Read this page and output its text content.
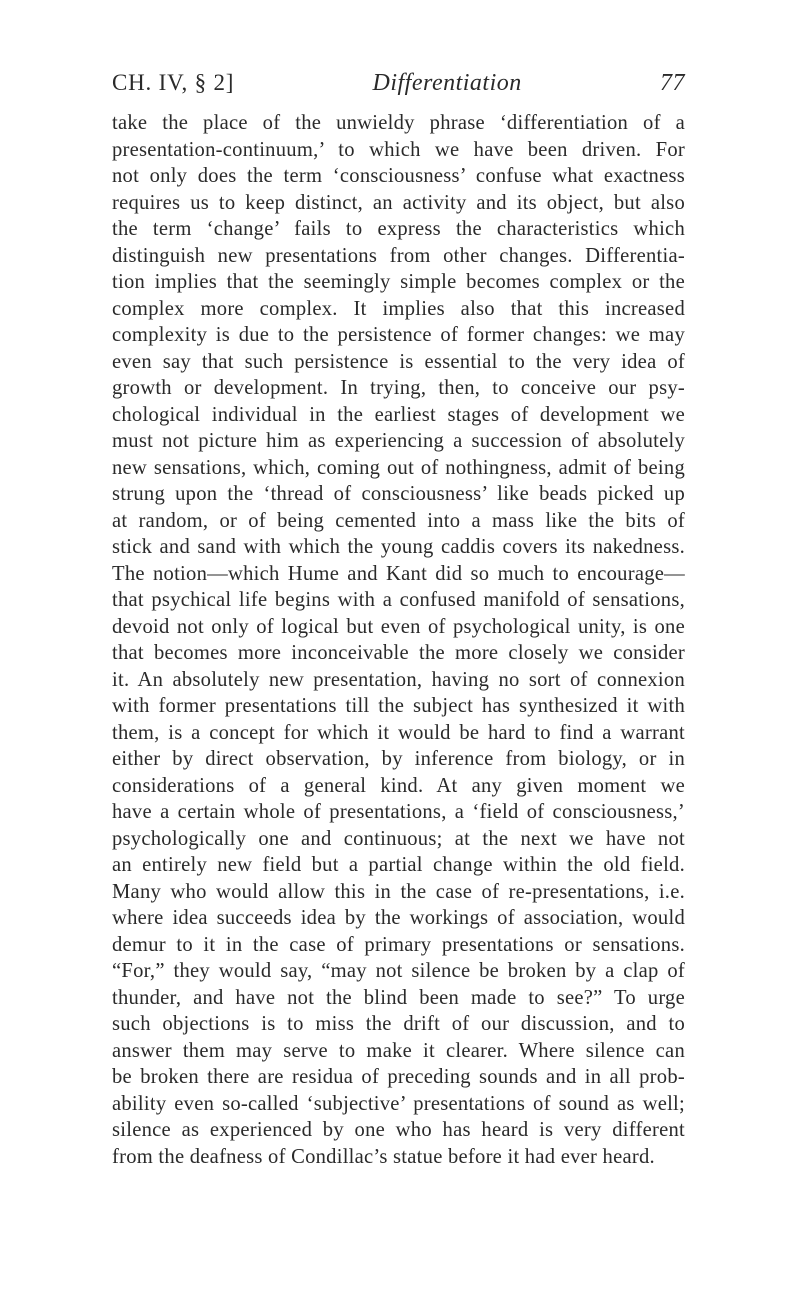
CH. IV, § 2]	Differentiation	77
take the place of the unwieldy phrase ‘differentiation of a
presentation-continuum,’ to which we have been driven. For
not only does the term ‘consciousness’ confuse what exactness
requires us to keep distinct, an activity and its object, but also
the term ‘change’ fails to express the characteristics which
distinguish new presentations from other changes. Differentia-
tion implies that the seemingly simple becomes complex or the
complex more complex. It implies also that this increased
complexity is due to the persistence of former changes: we may
even say that such persistence is essential to the very idea of
growth or development. In trying, then, to conceive our psy-
chological individual in the earliest stages of development we
must not picture him as experiencing a succession of absolutely
new sensations, which, coming out of nothingness, admit of being
strung upon the ‘thread of consciousness’ like beads picked up
at random, or of being cemented into a mass like the bits of
stick and sand with which the young caddis covers its nakedness.
The notion—which Hume and Kant did so much to encourage—
that psychical life begins with a confused manifold of sensations,
devoid not only of logical but even of psychological unity, is one
that becomes more inconceivable the more closely we consider
it. An absolutely new presentation, having no sort of connexion
with former presentations till the subject has synthesized it with
them, is a concept for which it would be hard to find a warrant
either by direct observation, by inference from biology, or in
considerations of a general kind. At any given moment we
have a certain whole of presentations, a ‘field of consciousness,’
psychologically one and continuous; at the next we have not
an entirely new field but a partial change within the old field.
Many who would allow this in the case of re-presentations, i.e.
where idea succeeds idea by the workings of association, would
demur to it in the case of primary presentations or sensations.
“For,” they would say, “may not silence be broken by a clap of
thunder, and have not the blind been made to see?” To urge
such objections is to miss the drift of our discussion, and to
answer them may serve to make it clearer. Where silence can
be broken there are residua of preceding sounds and in all prob-
ability even so-called ‘subjective’ presentations of sound as well;
silence as experienced by one who has heard is very different
from the deafness of Condillac’s statue before it had ever heard.
